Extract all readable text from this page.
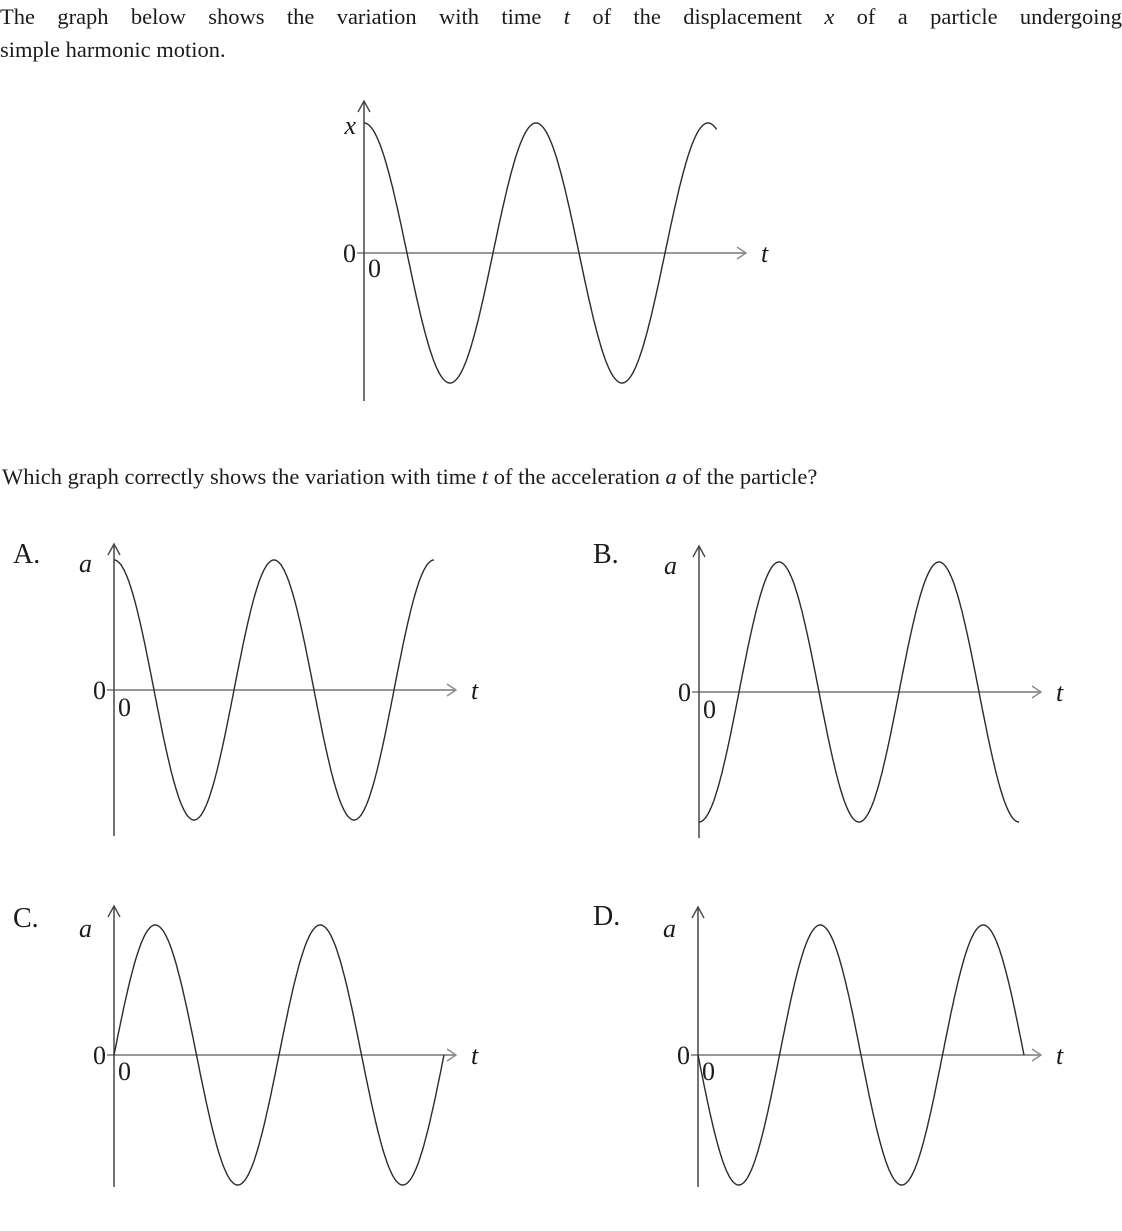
The graph below shows the variation with time t of the displacement x of a particle undergoing
simple harmonic motion.
x
0
0
t
Which graph correctly shows the variation with time t of the acceleration a of the particle?
A. a
0
0
t
B. a
0
0
t
C. a
0
0
t
D. a
0
0
t
